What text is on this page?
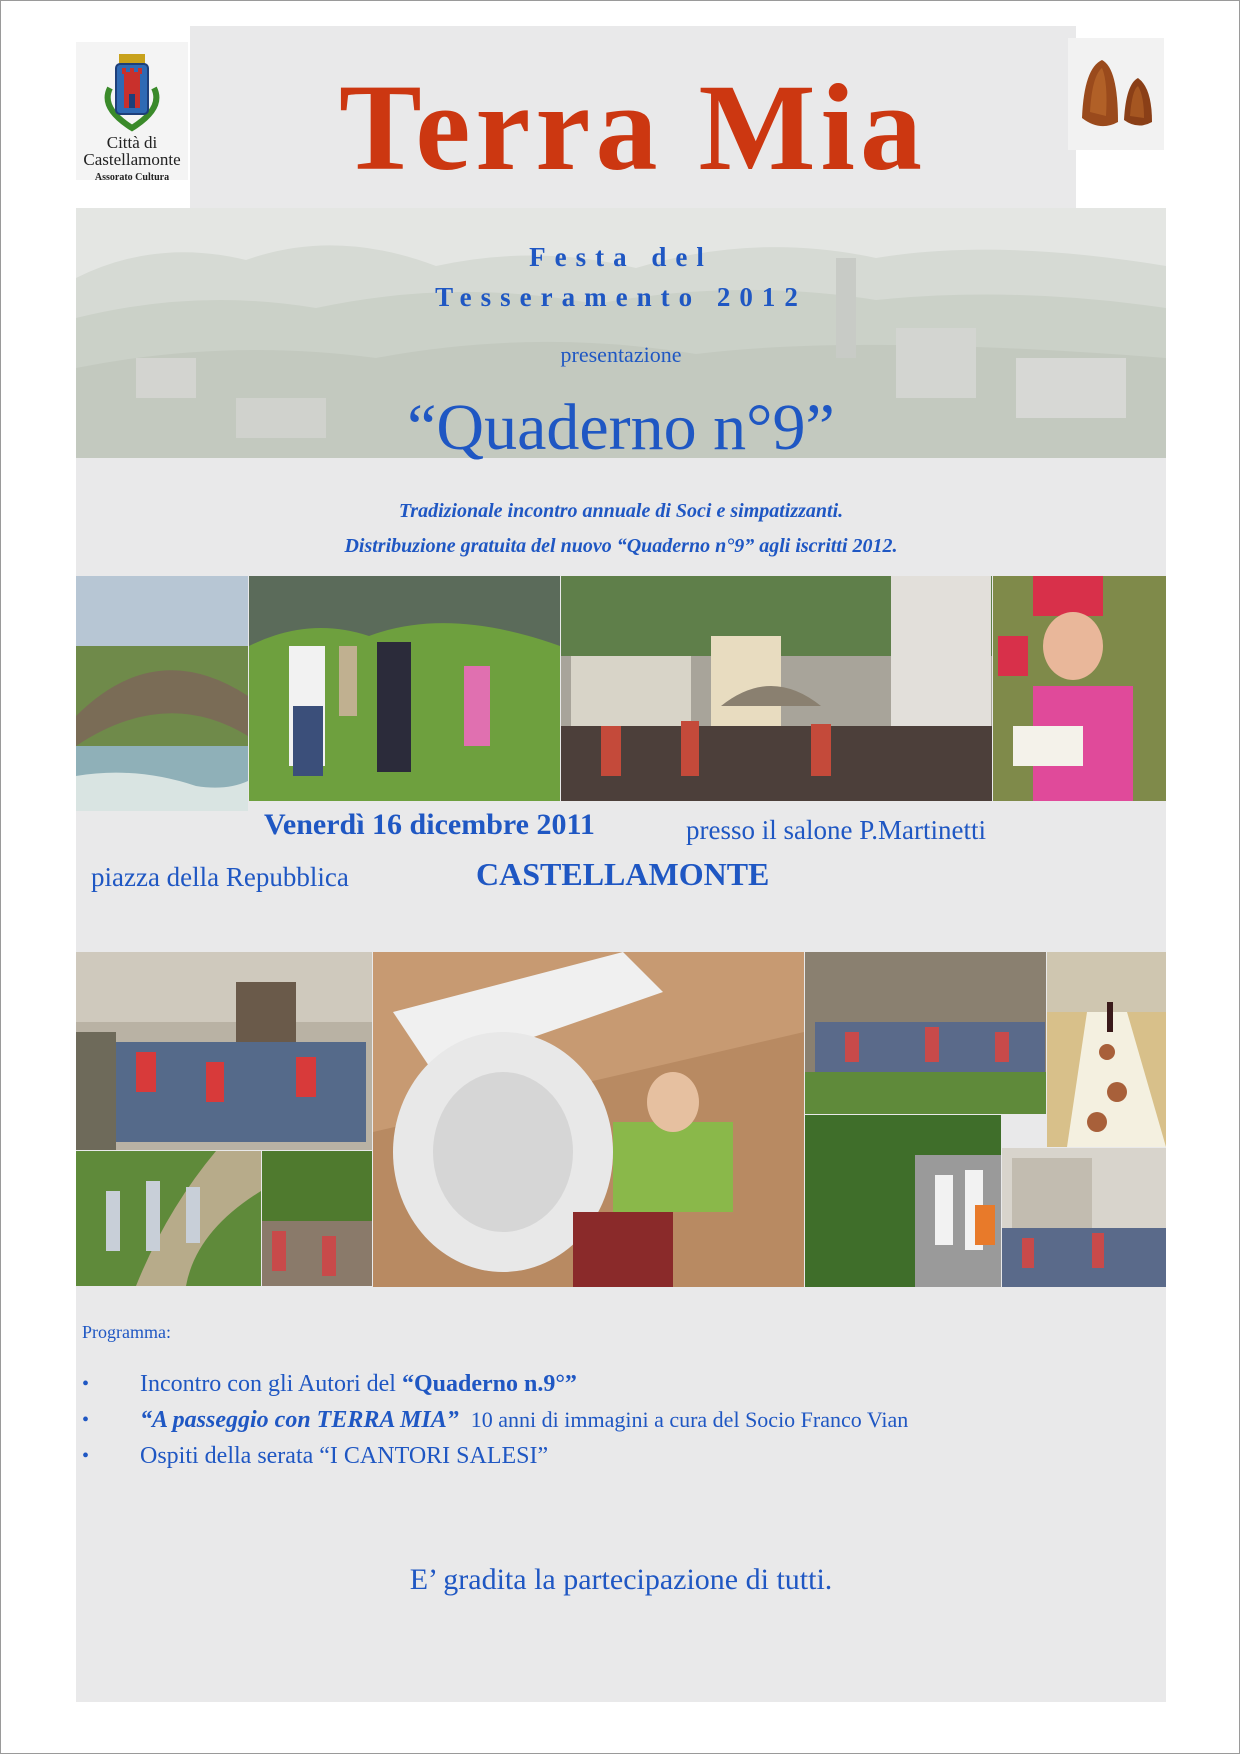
Città di
Castellamonte
Assorato Cultura	Terra Mia
Festa del
Tesseramento 2012
presentazione
“Quaderno n°9”
Tradizionale incontro annuale di Soci e simpatizzanti.
Distribuzione gratuita del nuovo “Quaderno n°9” agli iscritti 2012.
Venerdì 16 dicembre 2011	presso il salone P.Martinetti
piazza della Repubblica	CASTELLAMONTE
Programma:
• Incontro con gli Autori del “Quaderno n.9°”
• “A passeggio con TERRA MIA” 10 anni di immagini a cura del Socio Franco Vian
• Ospiti della serata “I CANTORI SALESI”
E’ gradita la partecipazione di tutti.
